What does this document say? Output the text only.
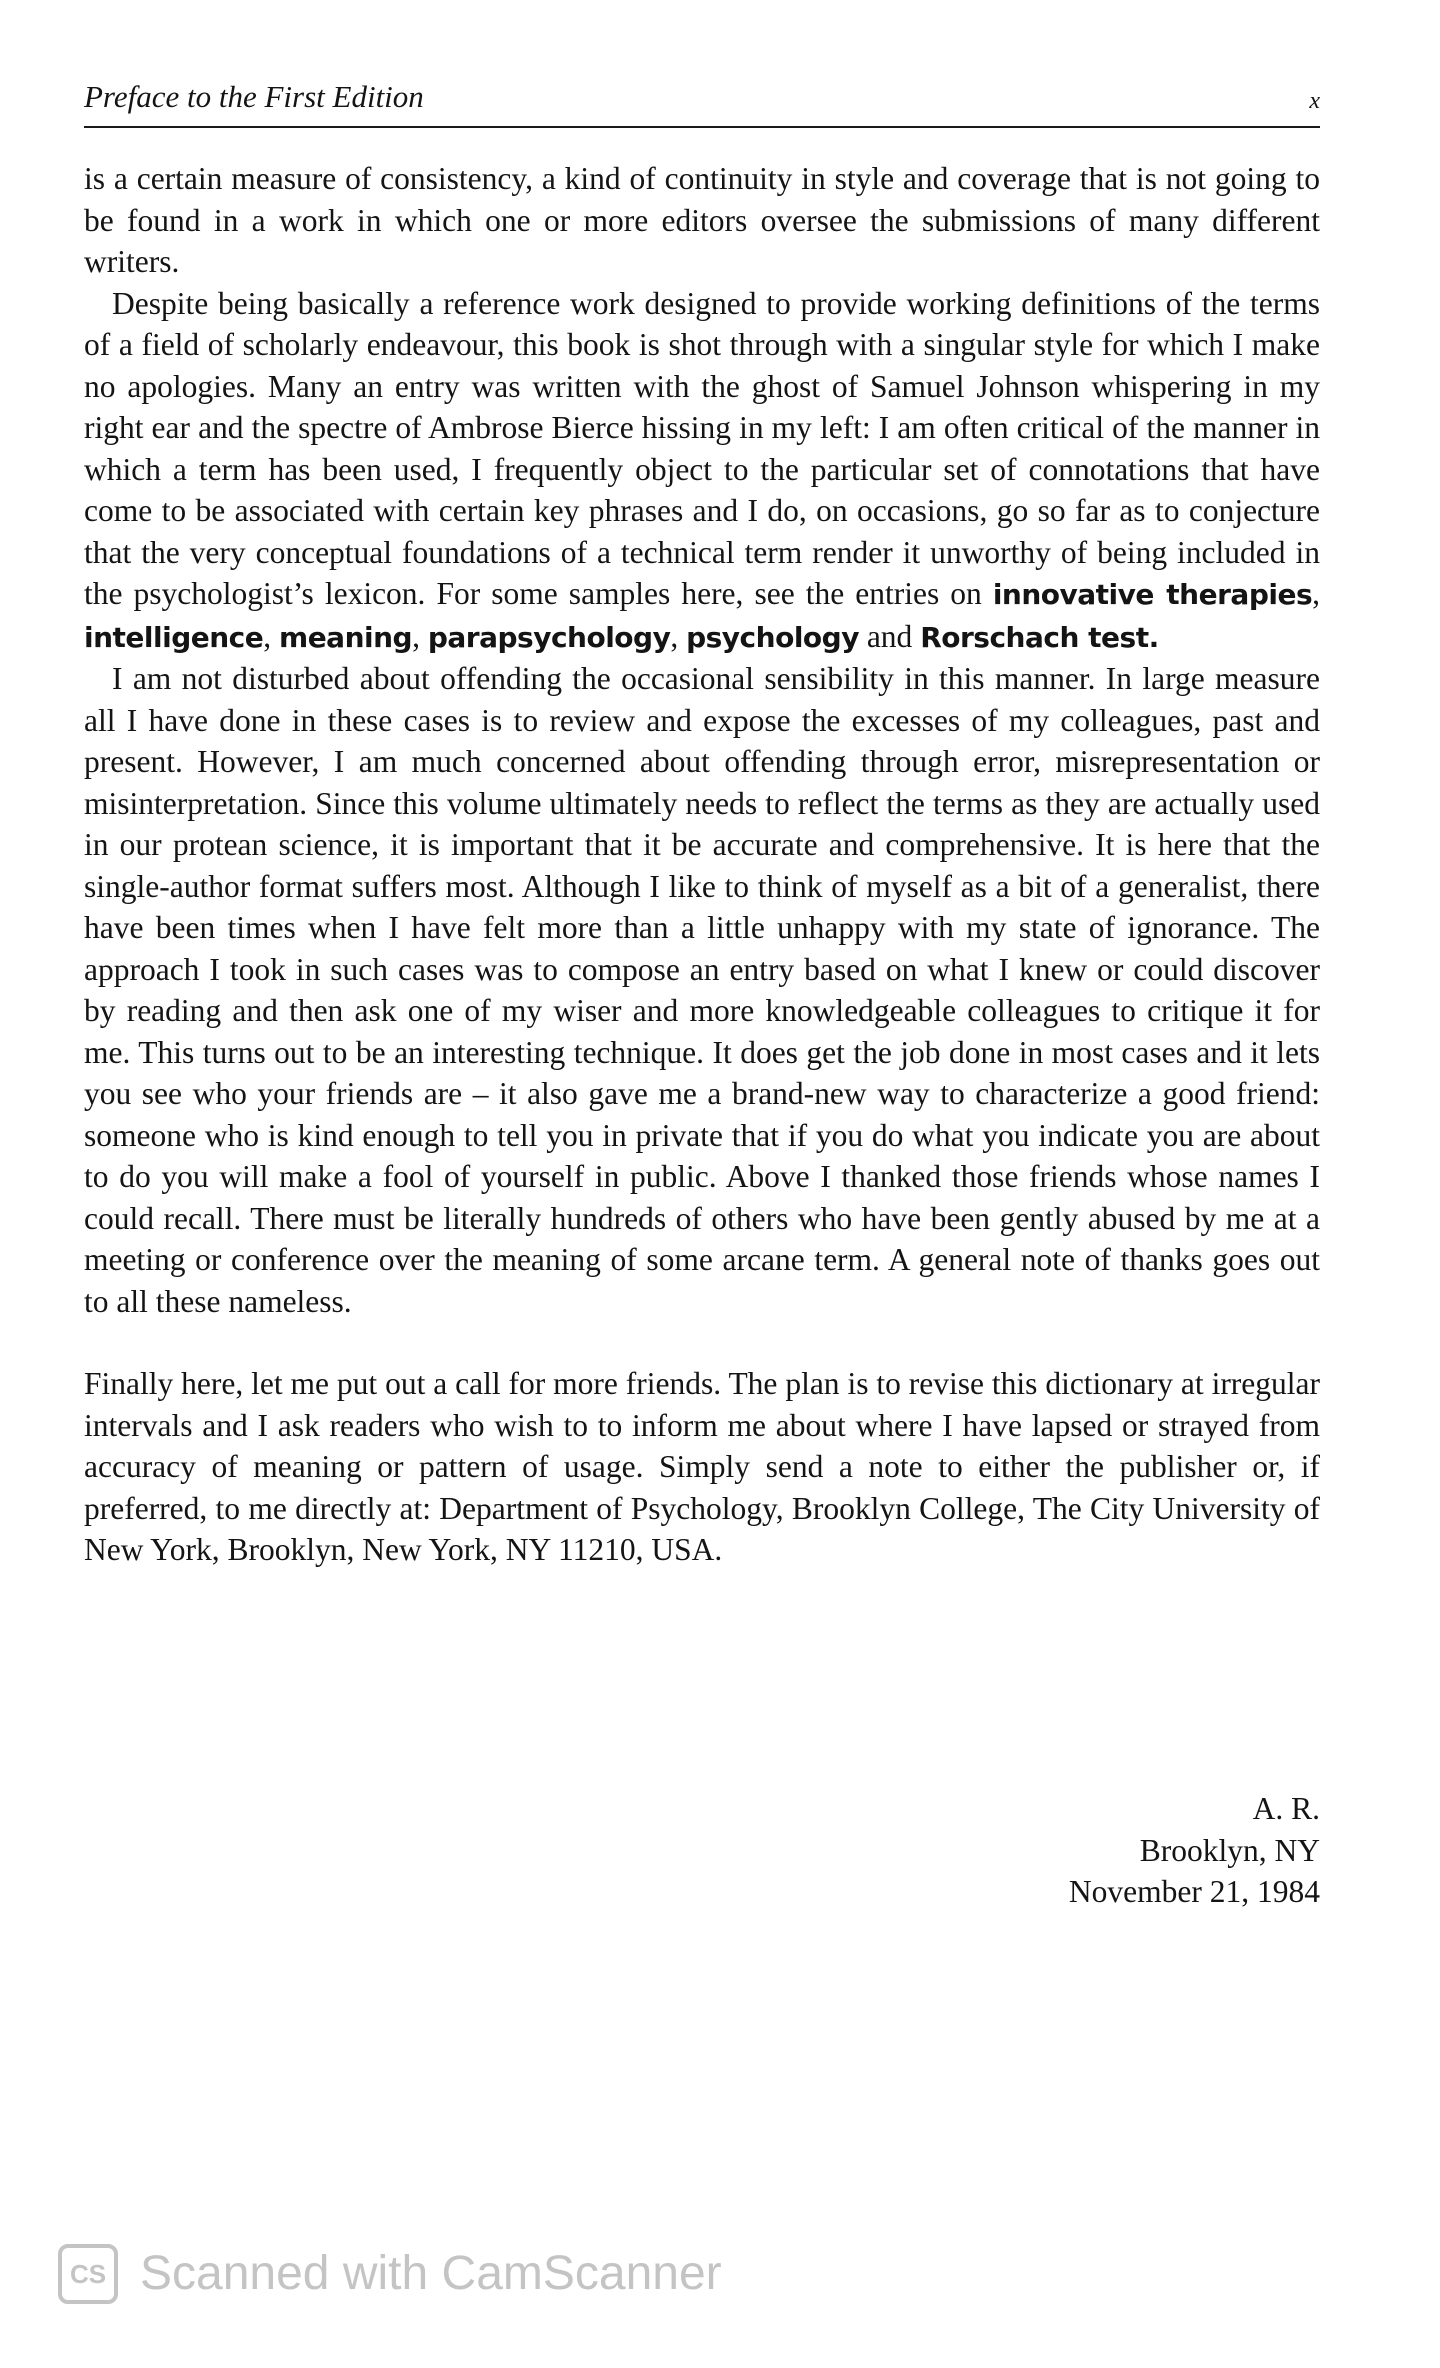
Preface to the First Edition	x

is a certain measure of consistency, a kind of continuity in style and coverage that is not going to be found in a work in which one or more editors oversee the submissions of many different writers.

Despite being basically a reference work designed to provide working definitions of the terms of a field of scholarly endeavour, this book is shot through with a singular style for which I make no apologies. Many an entry was written with the ghost of Samuel Johnson whispering in my right ear and the spectre of Ambrose Bierce hissing in my left: I am often critical of the manner in which a term has been used, I frequently object to the particular set of connotations that have come to be associated with certain key phrases and I do, on occasions, go so far as to conjecture that the very conceptual foundations of a technical term render it unworthy of being included in the psychologist’s lexicon. For some samples here, see the entries on innovative therapies, intelligence, meaning, parapsychology, psychology and Rorschach test.

I am not disturbed about offending the occasional sensibility in this manner. In large measure all I have done in these cases is to review and expose the excesses of my colleagues, past and present. However, I am much concerned about offending through error, misrepresentation or misinterpretation. Since this volume ultimately needs to reflect the terms as they are actually used in our protean science, it is important that it be accurate and comprehensive. It is here that the single-author format suffers most. Although I like to think of myself as a bit of a generalist, there have been times when I have felt more than a little unhappy with my state of ignorance. The approach I took in such cases was to compose an entry based on what I knew or could discover by reading and then ask one of my wiser and more knowledgeable colleagues to critique it for me. This turns out to be an interesting technique. It does get the job done in most cases and it lets you see who your friends are – it also gave me a brand-new way to characterize a good friend: someone who is kind enough to tell you in private that if you do what you indicate you are about to do you will make a fool of yourself in public. Above I thanked those friends whose names I could recall. There must be literally hundreds of others who have been gently abused by me at a meeting or conference over the meaning of some arcane term. A general note of thanks goes out to all these nameless.

Finally here, let me put out a call for more friends. The plan is to revise this dictionary at irregular intervals and I ask readers who wish to to inform me about where I have lapsed or strayed from accuracy of meaning or pattern of usage. Simply send a note to either the publisher or, if preferred, to me directly at: Department of Psychology, Brooklyn College, The City University of New York, Brooklyn, New York, NY 11210, USA.

A. R.
Brooklyn, NY
November 21, 1984
CS Scanned with CamScanner
